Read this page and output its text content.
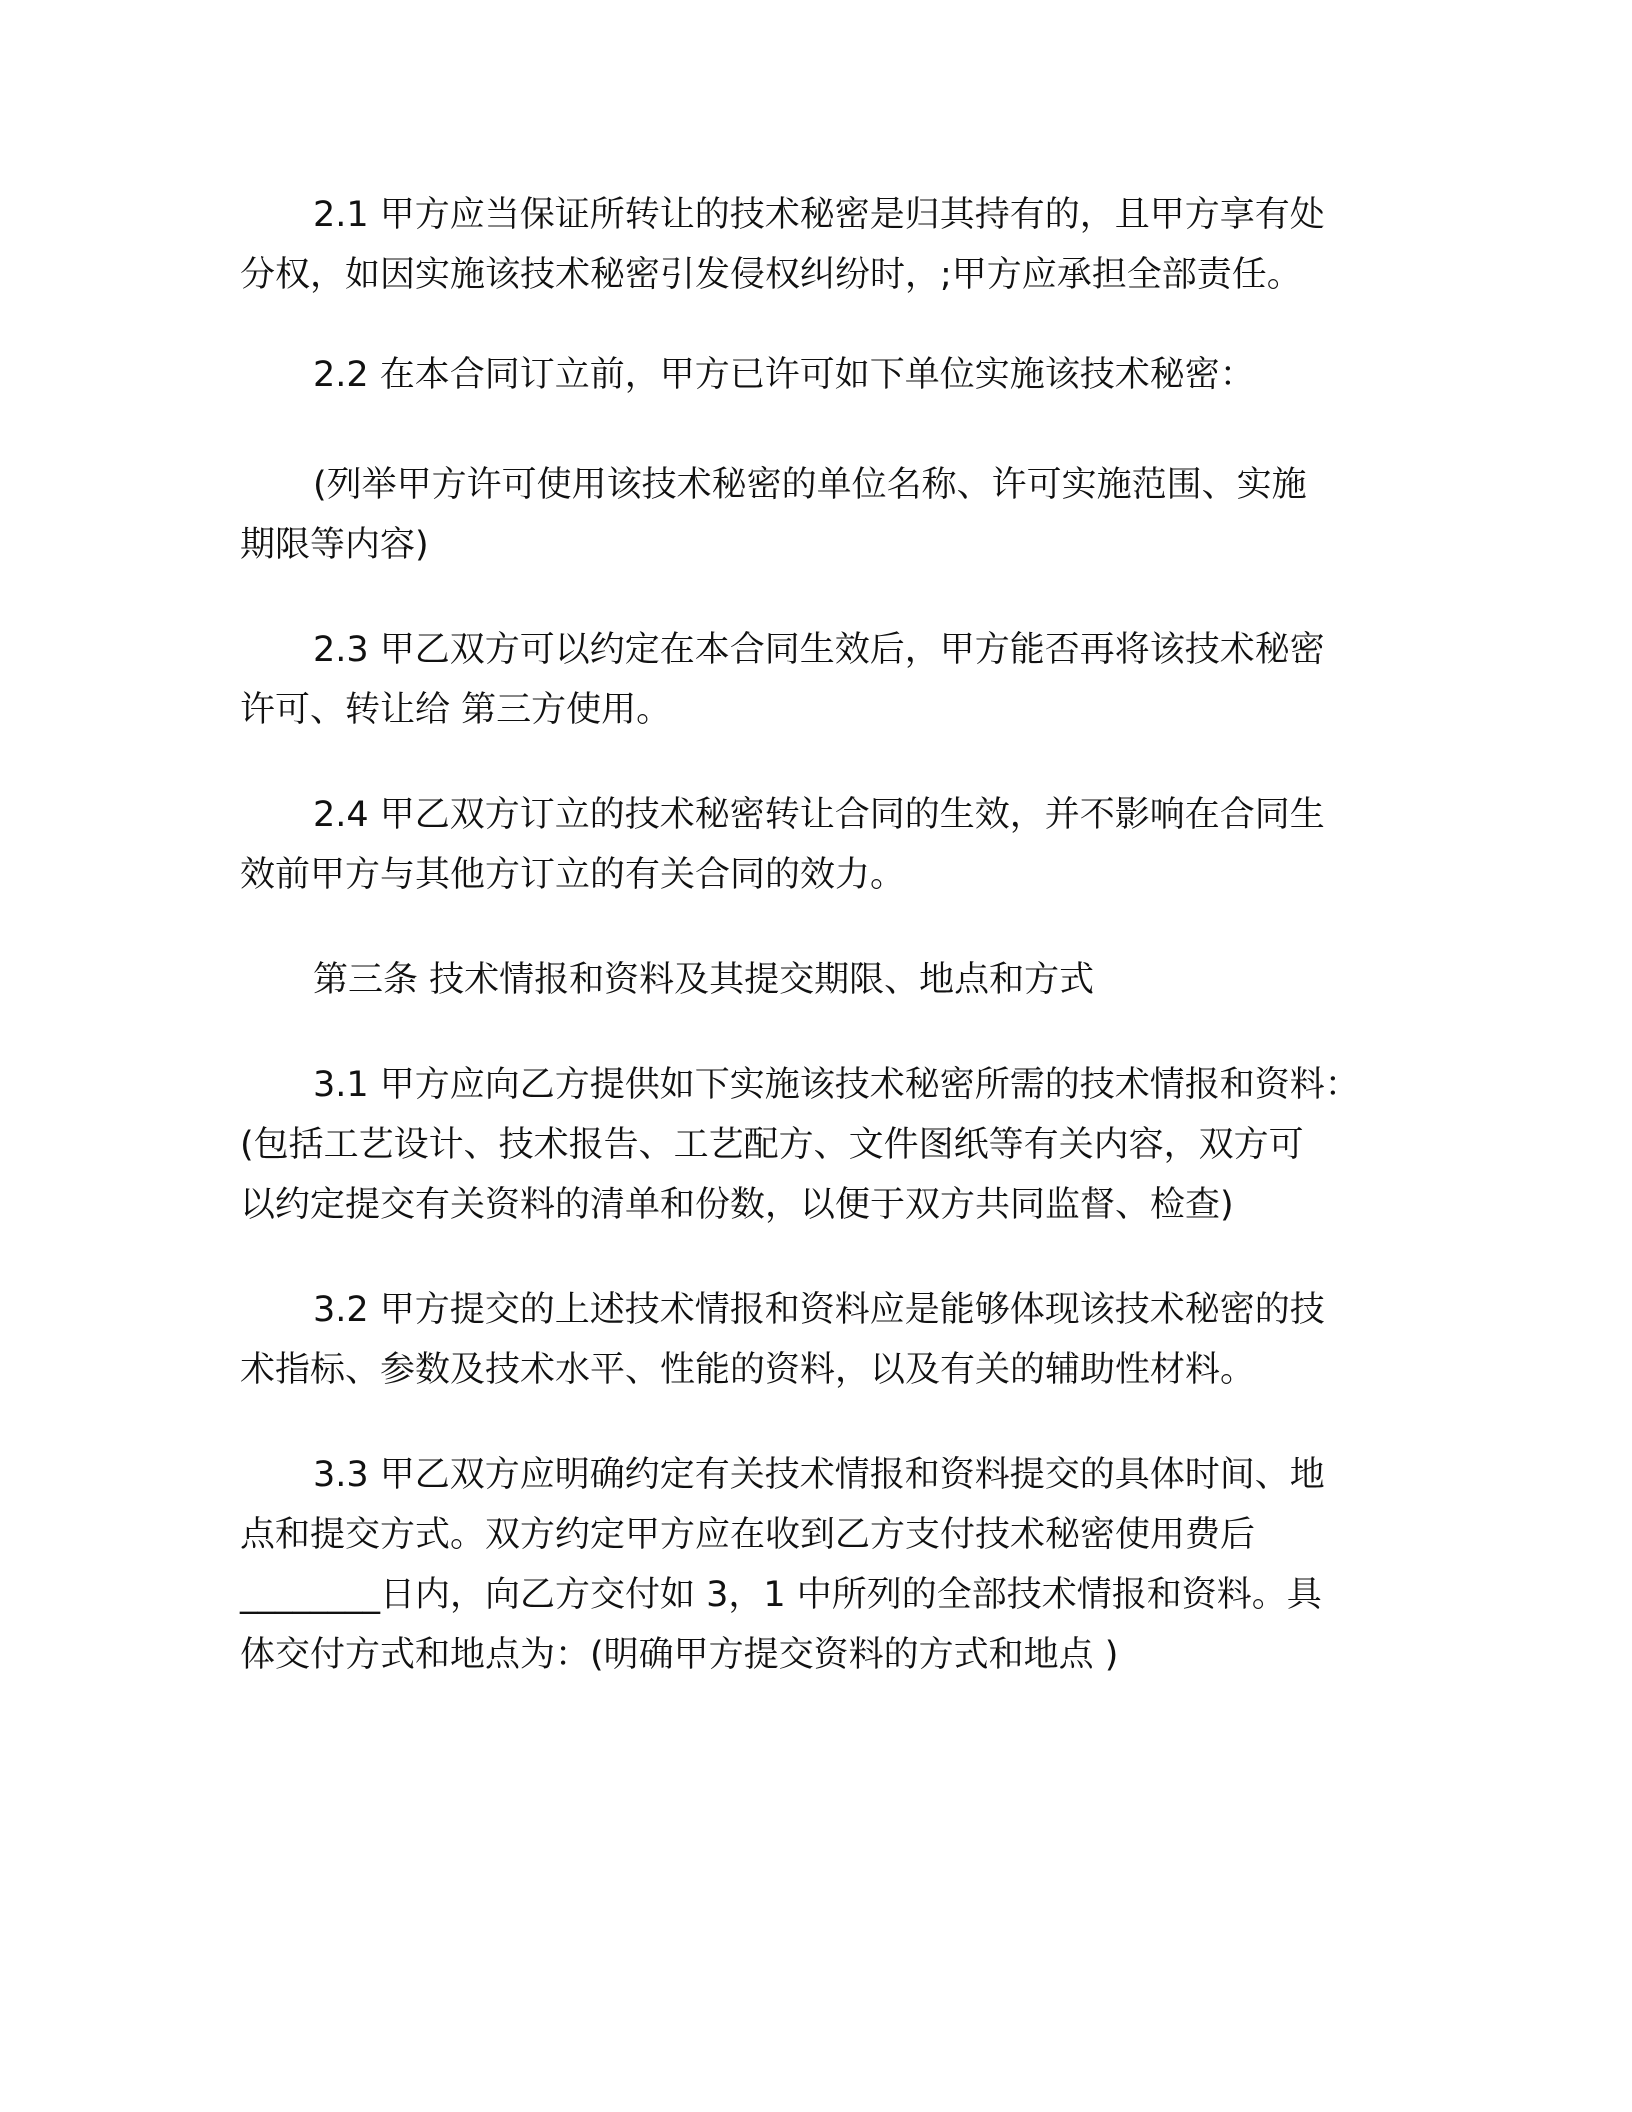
2.1 甲方应当保证所转让的技术秘密是归其持有的，且甲方享有处
分权，如因实施该技术秘密引发侵权纠纷时，;甲方应承担全部责任。
2.2 在本合同订立前，甲方已许可如下单位实施该技术秘密：
(列举甲方许可使用该技术秘密的单位名称、许可实施范围、实施
期限等内容)
2.3 甲乙双方可以约定在本合同生效后，甲方能否再将该技术秘密
许可、转让给 第三方使用。
2.4 甲乙双方订立的技术秘密转让合同的生效，并不影响在合同生
效前甲方与其他方订立的有关合同的效力。
第三条 技术情报和资料及其提交期限、地点和方式
3.1 甲方应向乙方提供如下实施该技术秘密所需的技术情报和资料：
(包括工艺设计、技术报告、工艺配方、文件图纸等有关内容，双方可
以约定提交有关资料的清单和份数，以便于双方共同监督、检查)
3.2 甲方提交的上述技术情报和资料应是能够体现该技术秘密的技
术指标、参数及技术水平、性能的资料，以及有关的辅助性材料。
3.3 甲乙双方应明确约定有关技术情报和资料提交的具体时间、地
点和提交方式。双方约定甲方应在收到乙方支付技术秘密使用费后
________日内，向乙方交付如 3，1 中所列的全部技术情报和资料。具
体交付方式和地点为：(明确甲方提交资料的方式和地点 )
